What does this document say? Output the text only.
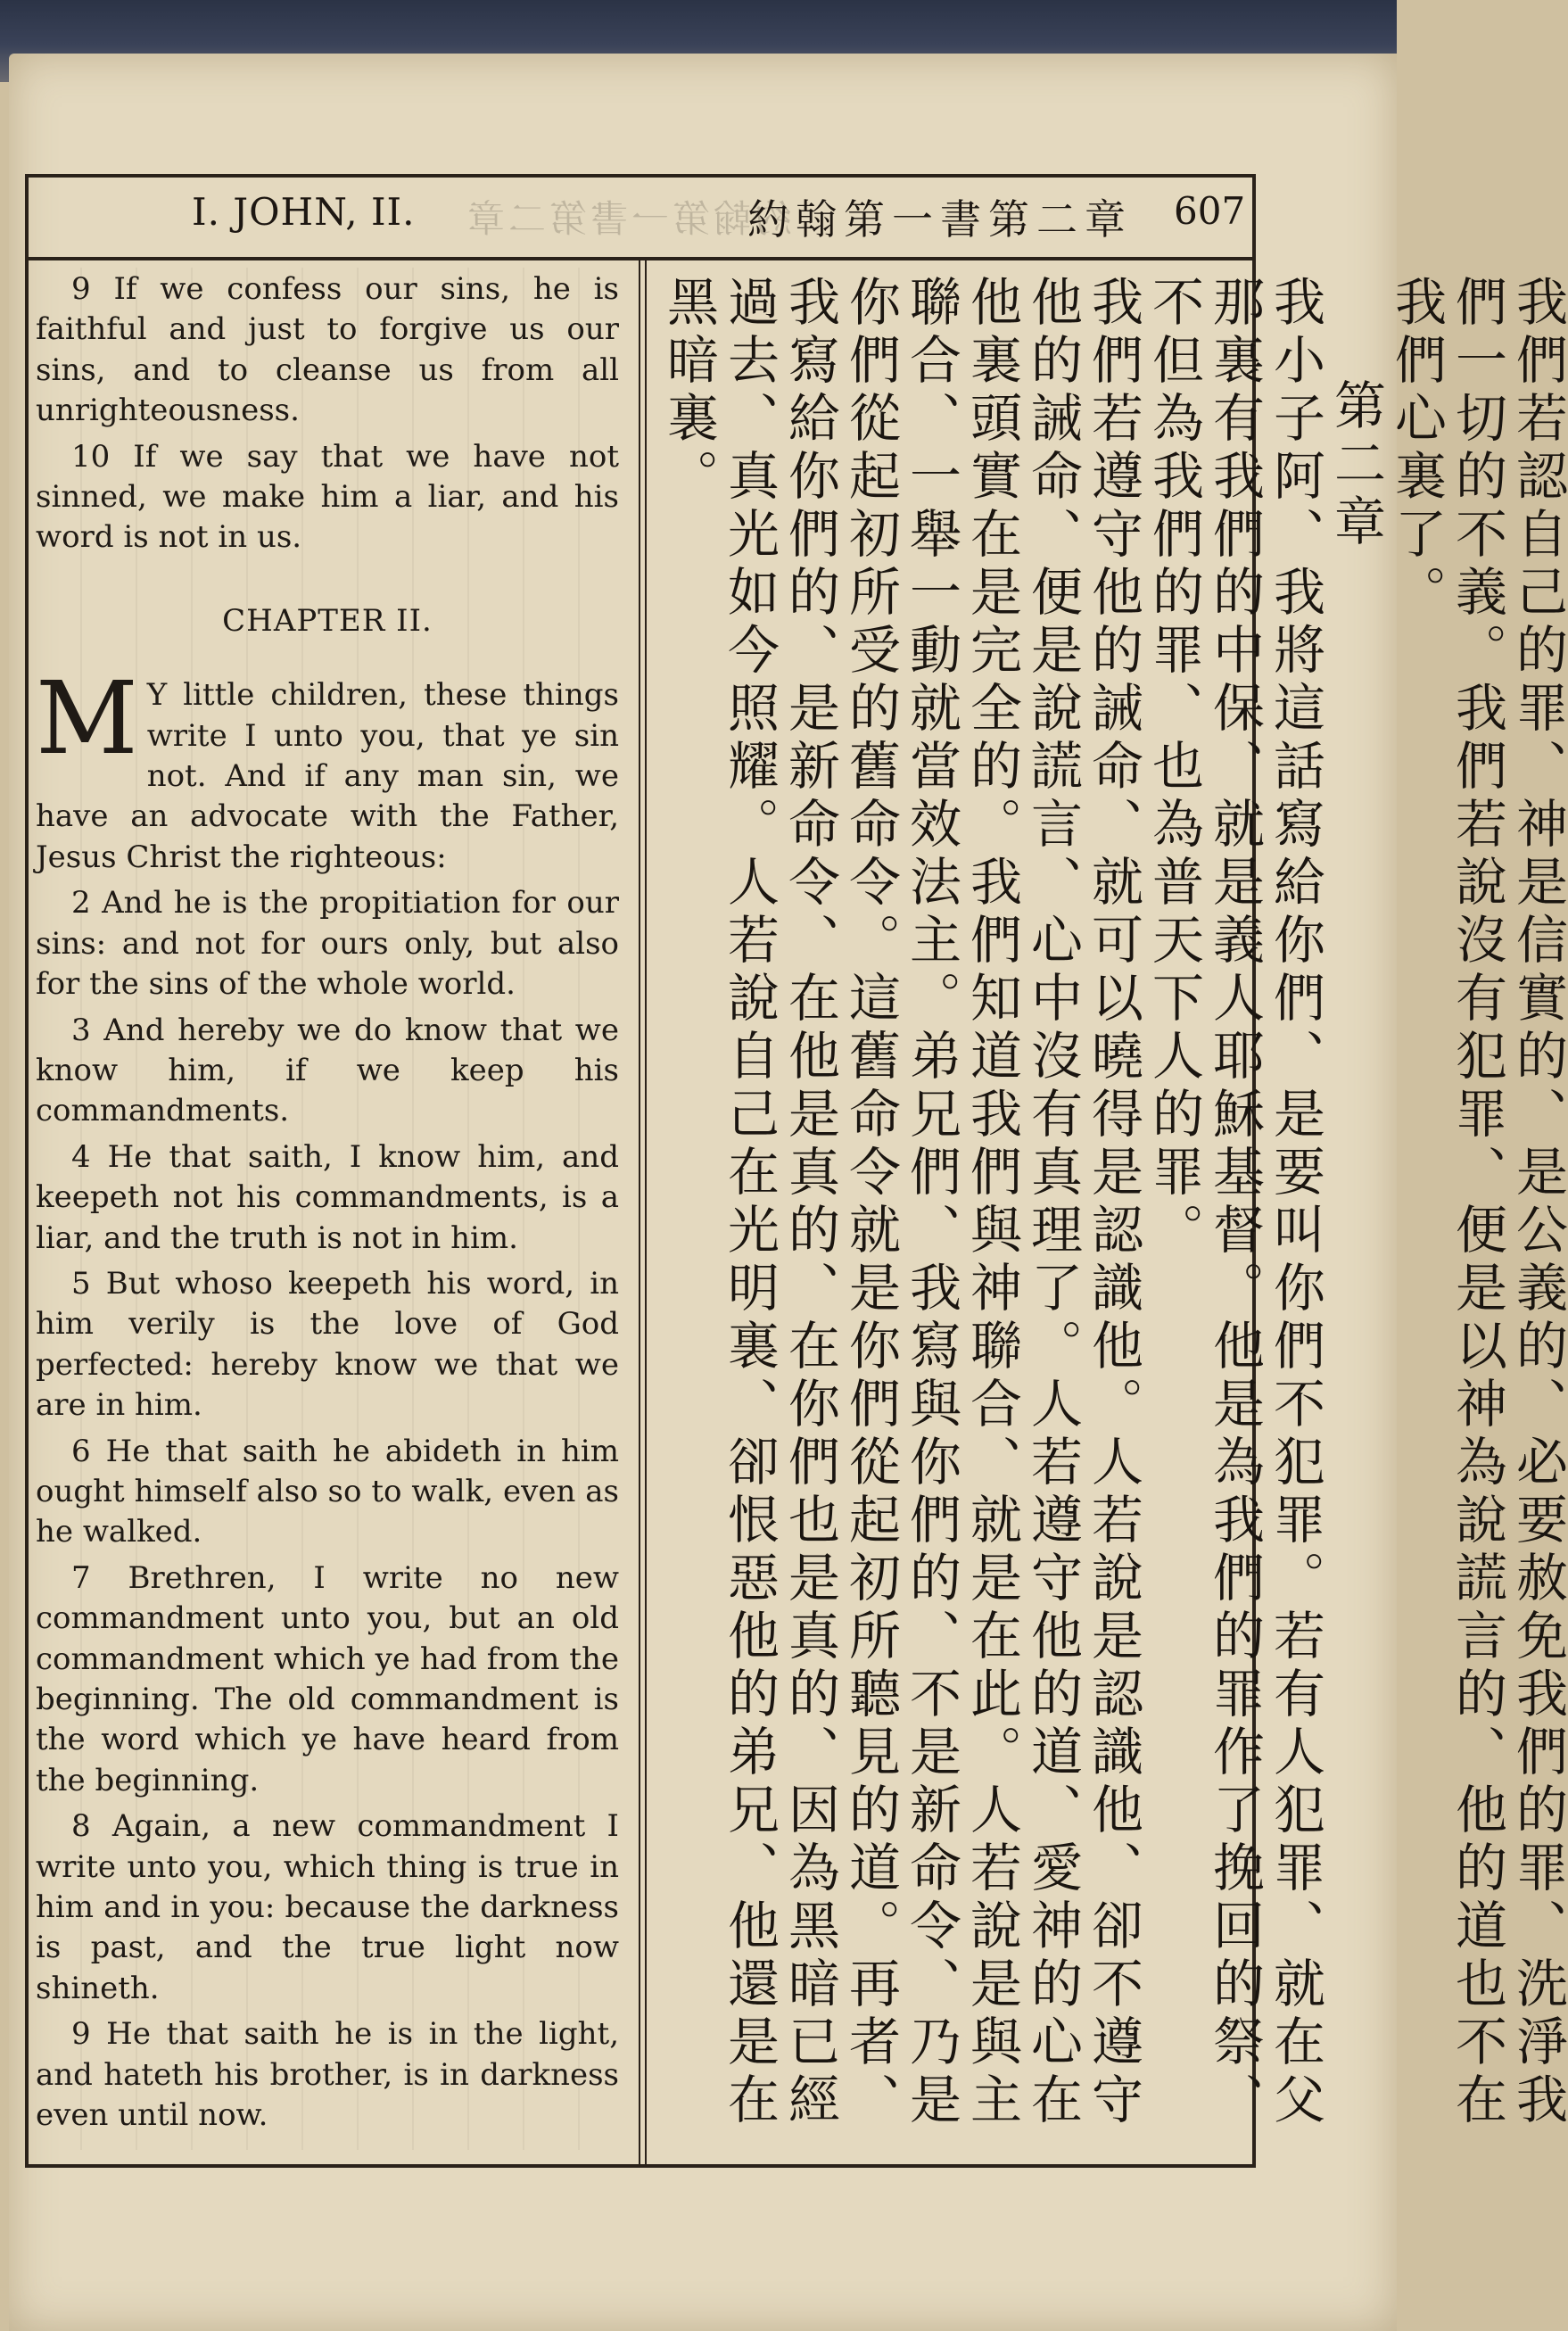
I. JOHN, II. 約翰第一書第二章
約翰第一書第二章 607

9 If we confess our sins, he is faithful and just to forgive us our sins, and to cleanse us from all unrighteousness.

10 If we say that we have not sinned, we make him a liar, and his word is not in us.

CHAPTER II.

M Y little children, these things write I unto you, that ye sin not. And if any man sin, we have an advocate with the Father, Jesus Christ the righteous:

2 And he is the propitiation for our sins: and not for ours only, but also for the sins of the whole world.

3 And hereby we do know that we know him, if we keep his commandments.

4 He that saith, I know him, and keepeth not his commandments, is a liar, and the truth is not in him.

5 But whoso keepeth his word, in him verily is the love of God perfected: hereby know we that we are in him.

6 He that saith he abideth in him ought himself also so to walk, even as he walked.

7 Brethren, I write no new commandment unto you, but an old commandment which ye had from the beginning. The old commandment is the word which ye have heard from the beginning.

8 Again, a new commandment I write unto you, which thing is true in him and in you: because the darkness is past, and the true light now shineth.

9 He that saith he is in the light, and hateth his brother, is in darkness even until now.	我們若認自己的罪、神是信實的、是公義的、必要赦免我們的罪、洗淨我們一切的不義。我們若說沒有犯罪、便是以神為說謊言的、他的道也不在我們心裏了。

第二章

我小子阿、我將這話寫給你們、是要叫你們不犯罪。若有人犯罪、就在父那裏有我們的中保、就是義人耶穌基督。他是為我們的罪作了挽回的祭、不但為我們的罪、也為普天下人的罪。

我們若遵守他的誡命、就可以曉得是認識他。人若說是認識他、卻不遵守他的誡命、便是說謊言、心中沒有真理了。人若遵守他的道、愛神的心在他裏頭實在是完全的。我們知道我們與神聯合、就是在此。人若說是與主聯合、一舉一動就當效法主。弟兄們、我寫與你們的、不是新命令、乃是你們從起初所受的舊命令。這舊命令就是你們從起初所聽見的道。再者、我寫給你們的、是新命令、在他是真的、在你們也是真的、因為黑暗已經過去、真光如今照耀。人若說自己在光明裏、卻恨惡他的弟兄、他還是在黑暗裏。
